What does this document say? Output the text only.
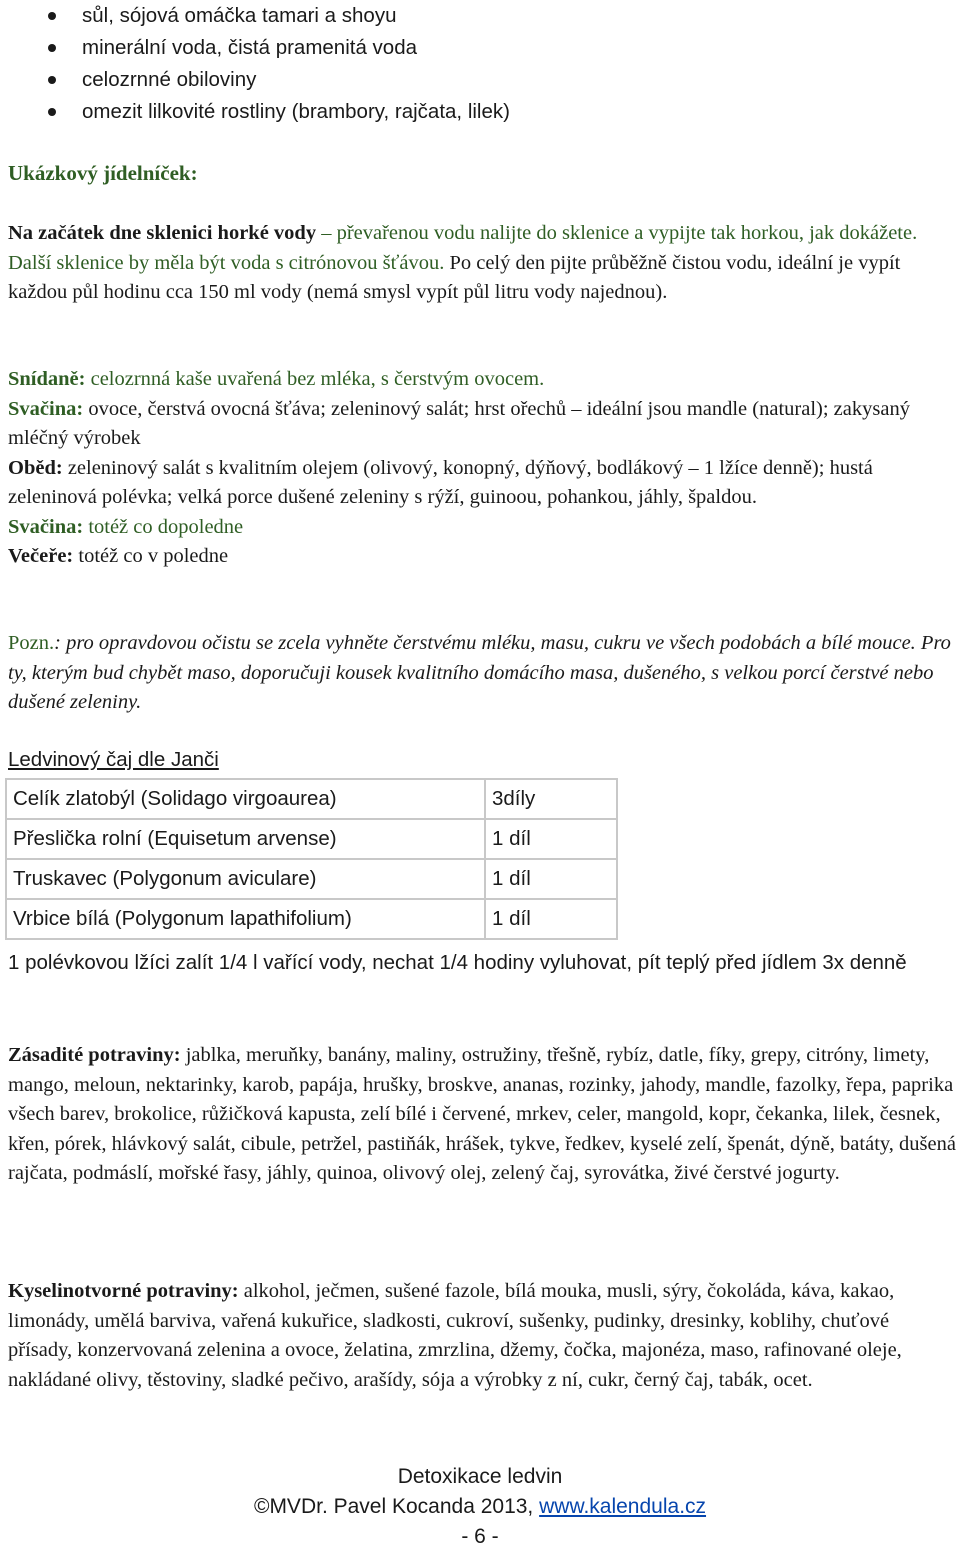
sůl, sójová omáčka tamari a shoyu
minerální voda, čistá pramenitá voda
celozrnné obiloviny
omezit lilkovité rostliny (brambory, rajčata, lilek)
Ukázkový jídelníček:
Na začátek dne sklenici horké vody – převařenou vodu nalijte do sklenice a vypijte tak horkou, jak dokážete. Další sklenice by měla být voda s citrónovou šťávou. Po celý den pijte průběžně čistou vodu, ideální je vypít každou půl hodinu cca 150 ml vody (nemá smysl vypít půl litru vody najednou).

Snídaně: celozrnná kaše uvařená bez mléka, s čerstvým ovocem.

Svačina: ovoce, čerstvá ovocná šťáva; zeleninový salát; hrst ořechů – ideální jsou mandle (natural); zakysaný mléčný výrobek

Oběd: zeleninový salát s kvalitním olejem (olivový, konopný, dýňový, bodlákový – 1 lžíce denně); hustá zeleninová polévka; velká porce dušené zeleniny s rýží, guinoou, pohankou, jáhly, špaldou.

Svačina: totéž co dopoledne

Večeře: totéž co v poledne

Pozn.: pro opravdovou očistu se zcela vyhněte čerstvému mléku, masu, cukru ve všech podobách a bílé mouce. Pro ty, kterým bud chybět maso, doporučuji kousek kvalitního domácího masa, dušeného, s velkou porcí čerstvé nebo dušené zeleniny.
Ledvinový čaj dle Janči
Celík zlatobýl (Solidago virgoaurea)	3díly
Přeslička rolní (Equisetum arvense)	1 díl
Truskavec (Polygonum aviculare)	1 díl
Vrbice bílá (Polygonum lapathifolium)	1 díl
1 polévkovou lžíci zalít 1/4 l vařící vody, nechat 1/4 hodiny vyluhovat, pít teplý před jídlem 3x denně
Zásadité potraviny: jablka, meruňky, banány, maliny, ostružiny, třešně, rybíz, datle, fíky, grepy, citróny, limety, mango, meloun, nektarinky, karob, papája, hrušky, broskve, ananas, rozinky, jahody, mandle, fazolky, řepa, paprika všech barev, brokolice, růžičková kapusta, zelí bílé i červené, mrkev, celer, mangold, kopr, čekanka, lilek, česnek, křen, pórek, hlávkový salát, cibule, petržel, pastiňák, hrášek, tykve, ředkev, kyselé zelí, špenát, dýně, batáty, dušená rajčata, podmáslí, mořské řasy, jáhly, quinoa, olivový olej, zelený čaj, syrovátka, živé čerstvé jogurty.
Kyselinotvorné potraviny: alkohol, ječmen, sušené fazole, bílá mouka, musli, sýry, čokoláda, káva, kakao, limonády, umělá barviva, vařená kukuřice, sladkosti, cukroví, sušenky, pudinky, dresinky, koblihy, chuťové přísady, konzervovaná zelenina a ovoce, želatina, zmrzlina, džemy, čočka, majonéza, maso, rafinované oleje, nakládané olivy, těstoviny, sladké pečivo, arašídy, sója a výrobky z ní, cukr, černý čaj, tabák, ocet.
Detoxikace ledvin
©MVDr. Pavel Kocanda 2013, www.kalendula.cz
- 6 -
